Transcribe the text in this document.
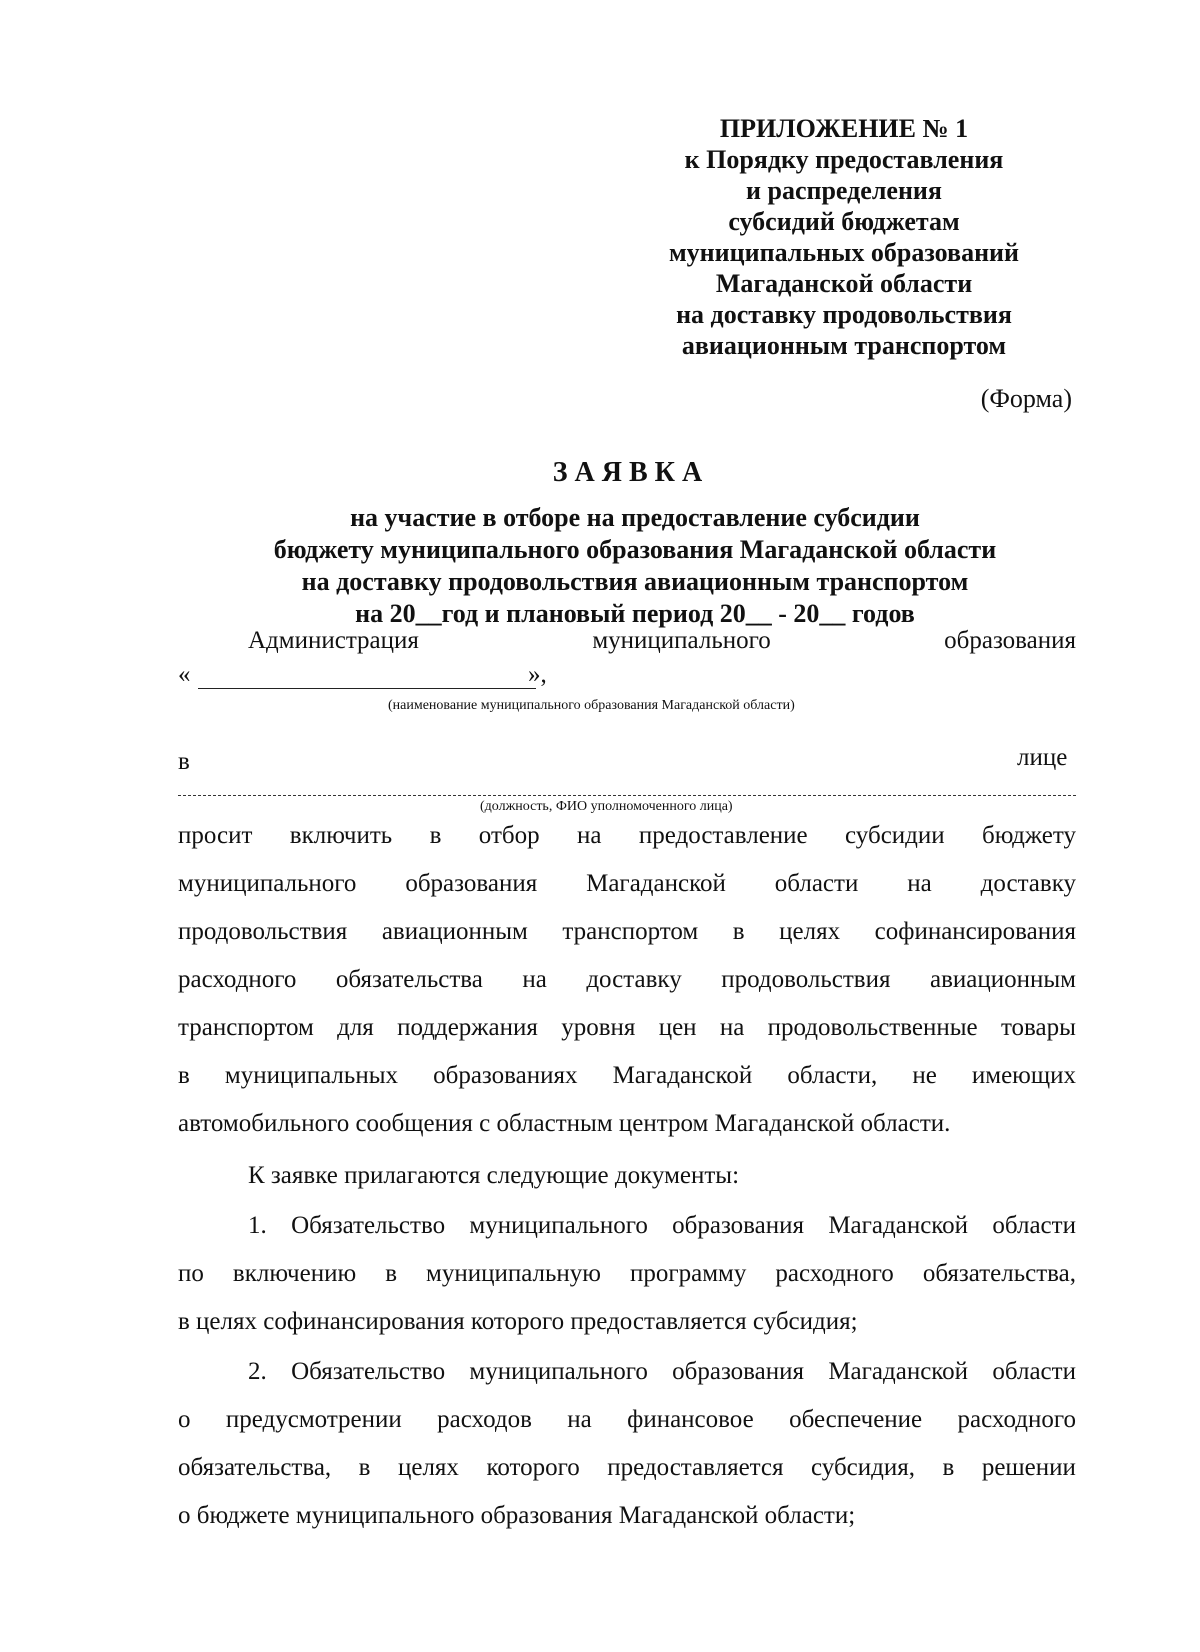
ПРИЛОЖЕНИЕ № 1
к Порядку предоставления
и распределения
субсидий бюджетам
муниципальных образований
Магаданской области
на доставку продовольствия
авиационным транспортом
(Форма)
ЗАЯВКА
на участие в отборе на предоставление субсидии
бюджету муниципального образования Магаданской области
на доставку продовольствия авиационным транспортом
на 20__год и плановый период 20__ - 20__ годов
Администрация	муниципального	образования
«	»,
(наименование муниципального образования Магаданской области)
в	лице
(должность, ФИО уполномоченного лица)
просит включить в отбор на предоставление субсидии бюджету
муниципального образования Магаданской области на доставку
продовольствия авиационным транспортом в целях софинансирования
расходного обязательства на доставку продовольствия авиационным
транспортом для поддержания уровня цен на продовольственные товары
в муниципальных образованиях Магаданской области, не имеющих
автомобильного сообщения с областным центром Магаданской области.
К заявке прилагаются следующие документы:
1. Обязательство муниципального образования Магаданской области
по включению в муниципальную программу расходного обязательства,
в целях софинансирования которого предоставляется субсидия;
2. Обязательство муниципального образования Магаданской области
о предусмотрении расходов на финансовое обеспечение расходного
обязательства, в целях которого предоставляется субсидия, в решении
о бюджете муниципального образования Магаданской области;
